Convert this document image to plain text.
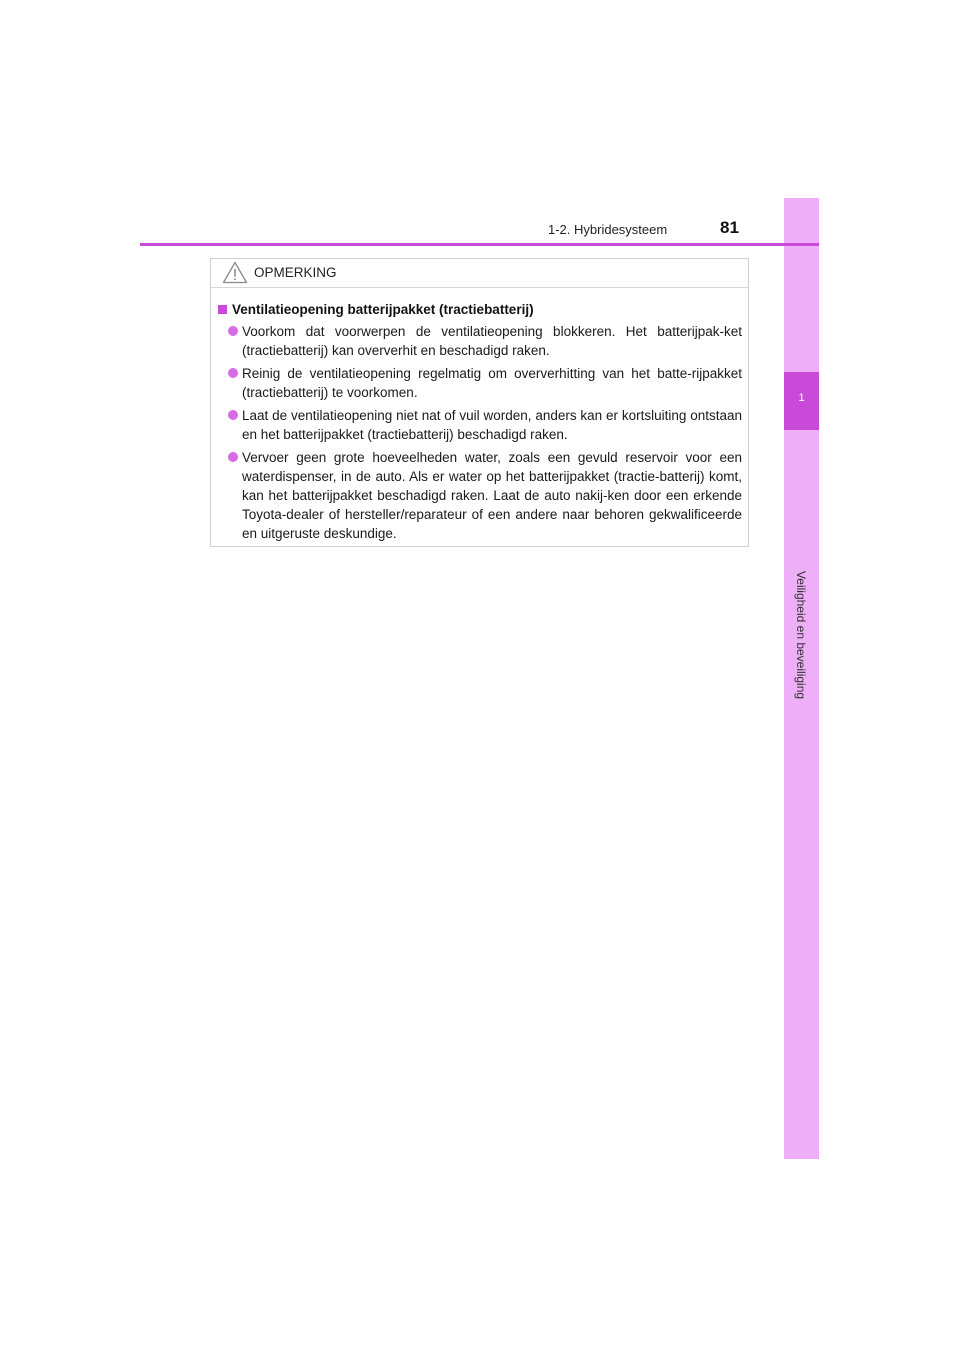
1
Veiligheid en beveiliging
1-2. Hybridesysteem	81
OPMERKING
Ventilatieopening batterijpakket (tractiebatterij)
Voorkom dat voorwerpen de ventilatieopening blokkeren. Het batterijpak-ket (tractiebatterij) kan oververhit en beschadigd raken.
Reinig de ventilatieopening regelmatig om oververhitting van het batte-rijpakket (tractiebatterij) te voorkomen.
Laat de ventilatieopening niet nat of vuil worden, anders kan er kortsluiting ontstaan en het batterijpakket (tractiebatterij) beschadigd raken.
Vervoer geen grote hoeveelheden water, zoals een gevuld reservoir voor een waterdispenser, in de auto. Als er water op het batterijpakket (tractie-batterij) komt, kan het batterijpakket beschadigd raken. Laat de auto nakij-ken door een erkende Toyota-dealer of hersteller/reparateur of een andere naar behoren gekwalificeerde en uitgeruste deskundige.
